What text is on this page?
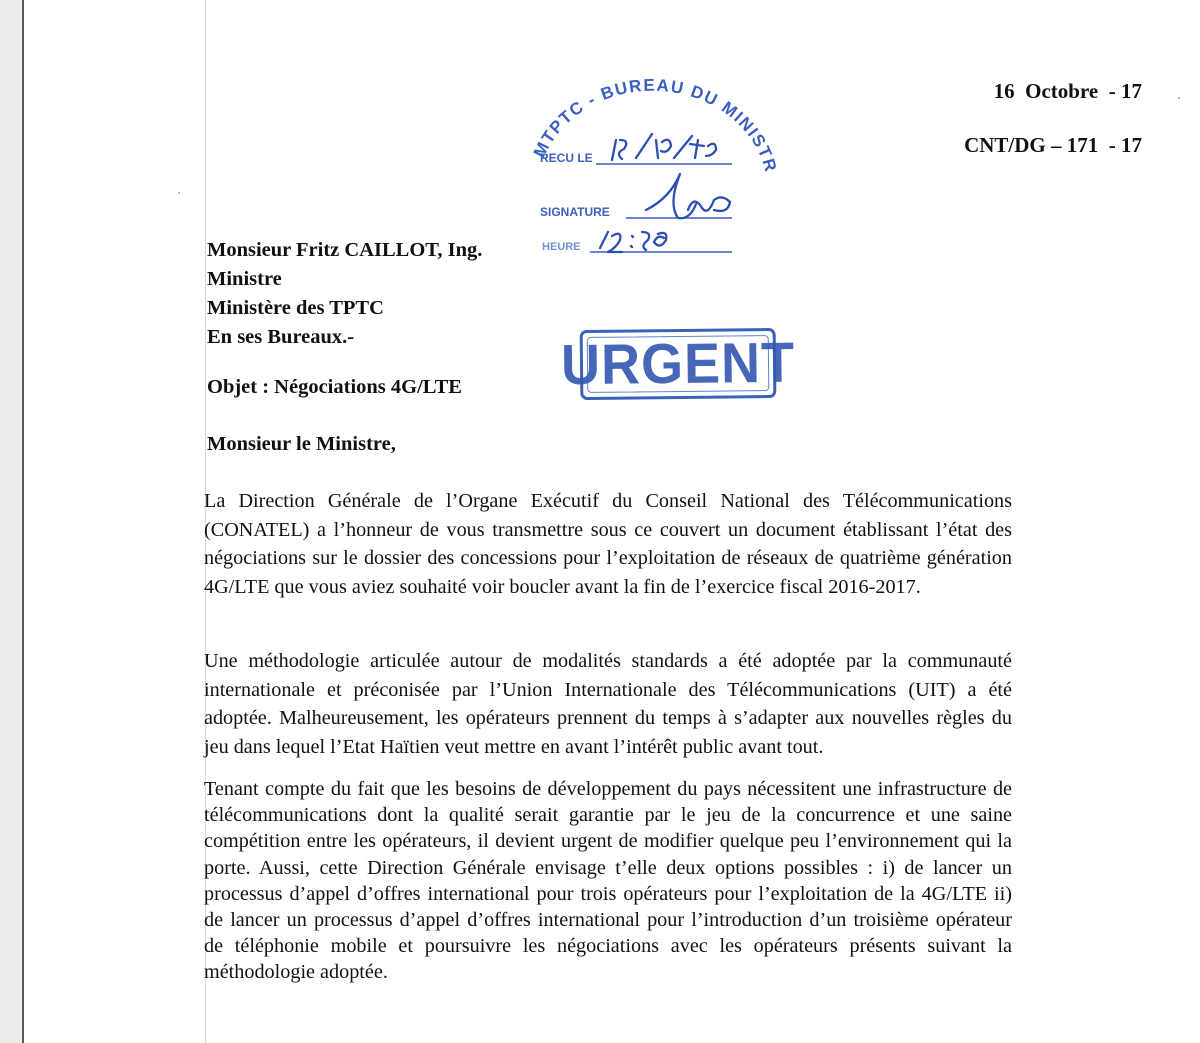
16  Octobre  - 17
CNT/DG – 171  - 17
MTPTC - BUREAU DU MINISTR
RECU LE
SIGNATURE
HEURE
URGENT
Monsieur Fritz CAILLOT, Ing.
Ministre
Ministère des TPTC
En ses Bureaux.-
Objet : Négociations 4G/LTE
Monsieur le Ministre,

La Direction Générale de l’Organe Exécutif du Conseil National des Télécommunications (CONATEL) a l’honneur de vous transmettre sous ce couvert un document établissant l’état des négociations sur le dossier des concessions pour l’exploitation de réseaux de quatrième génération 4G/LTE que vous aviez souhaité voir boucler avant la fin de l’exercice fiscal 2016-2017.

Une méthodologie articulée autour de modalités standards a été adoptée par la communauté internationale et préconisée par l’Union Internationale des Télécommunications (UIT) a été adoptée. Malheureusement, les opérateurs prennent du temps à s’adapter aux nouvelles règles du jeu dans lequel l’Etat Haïtien veut mettre en avant l’intérêt public avant tout.

Tenant compte du fait que les besoins de développement du pays nécessitent une infrastructure de télécommunications dont la qualité serait garantie par le jeu de la concurrence et une saine compétition entre les opérateurs, il devient urgent de modifier quelque peu l’environnement qui la porte. Aussi, cette Direction Générale envisage t’elle deux options possibles : i) de lancer un processus d’appel d’offres international pour trois opérateurs pour l’exploitation de la 4G/LTE ii) de lancer un processus d’appel d’offres international pour l’introduction d’un troisième opérateur de téléphonie mobile et poursuivre les négociations avec les opérateurs présents suivant la méthodologie adoptée.
